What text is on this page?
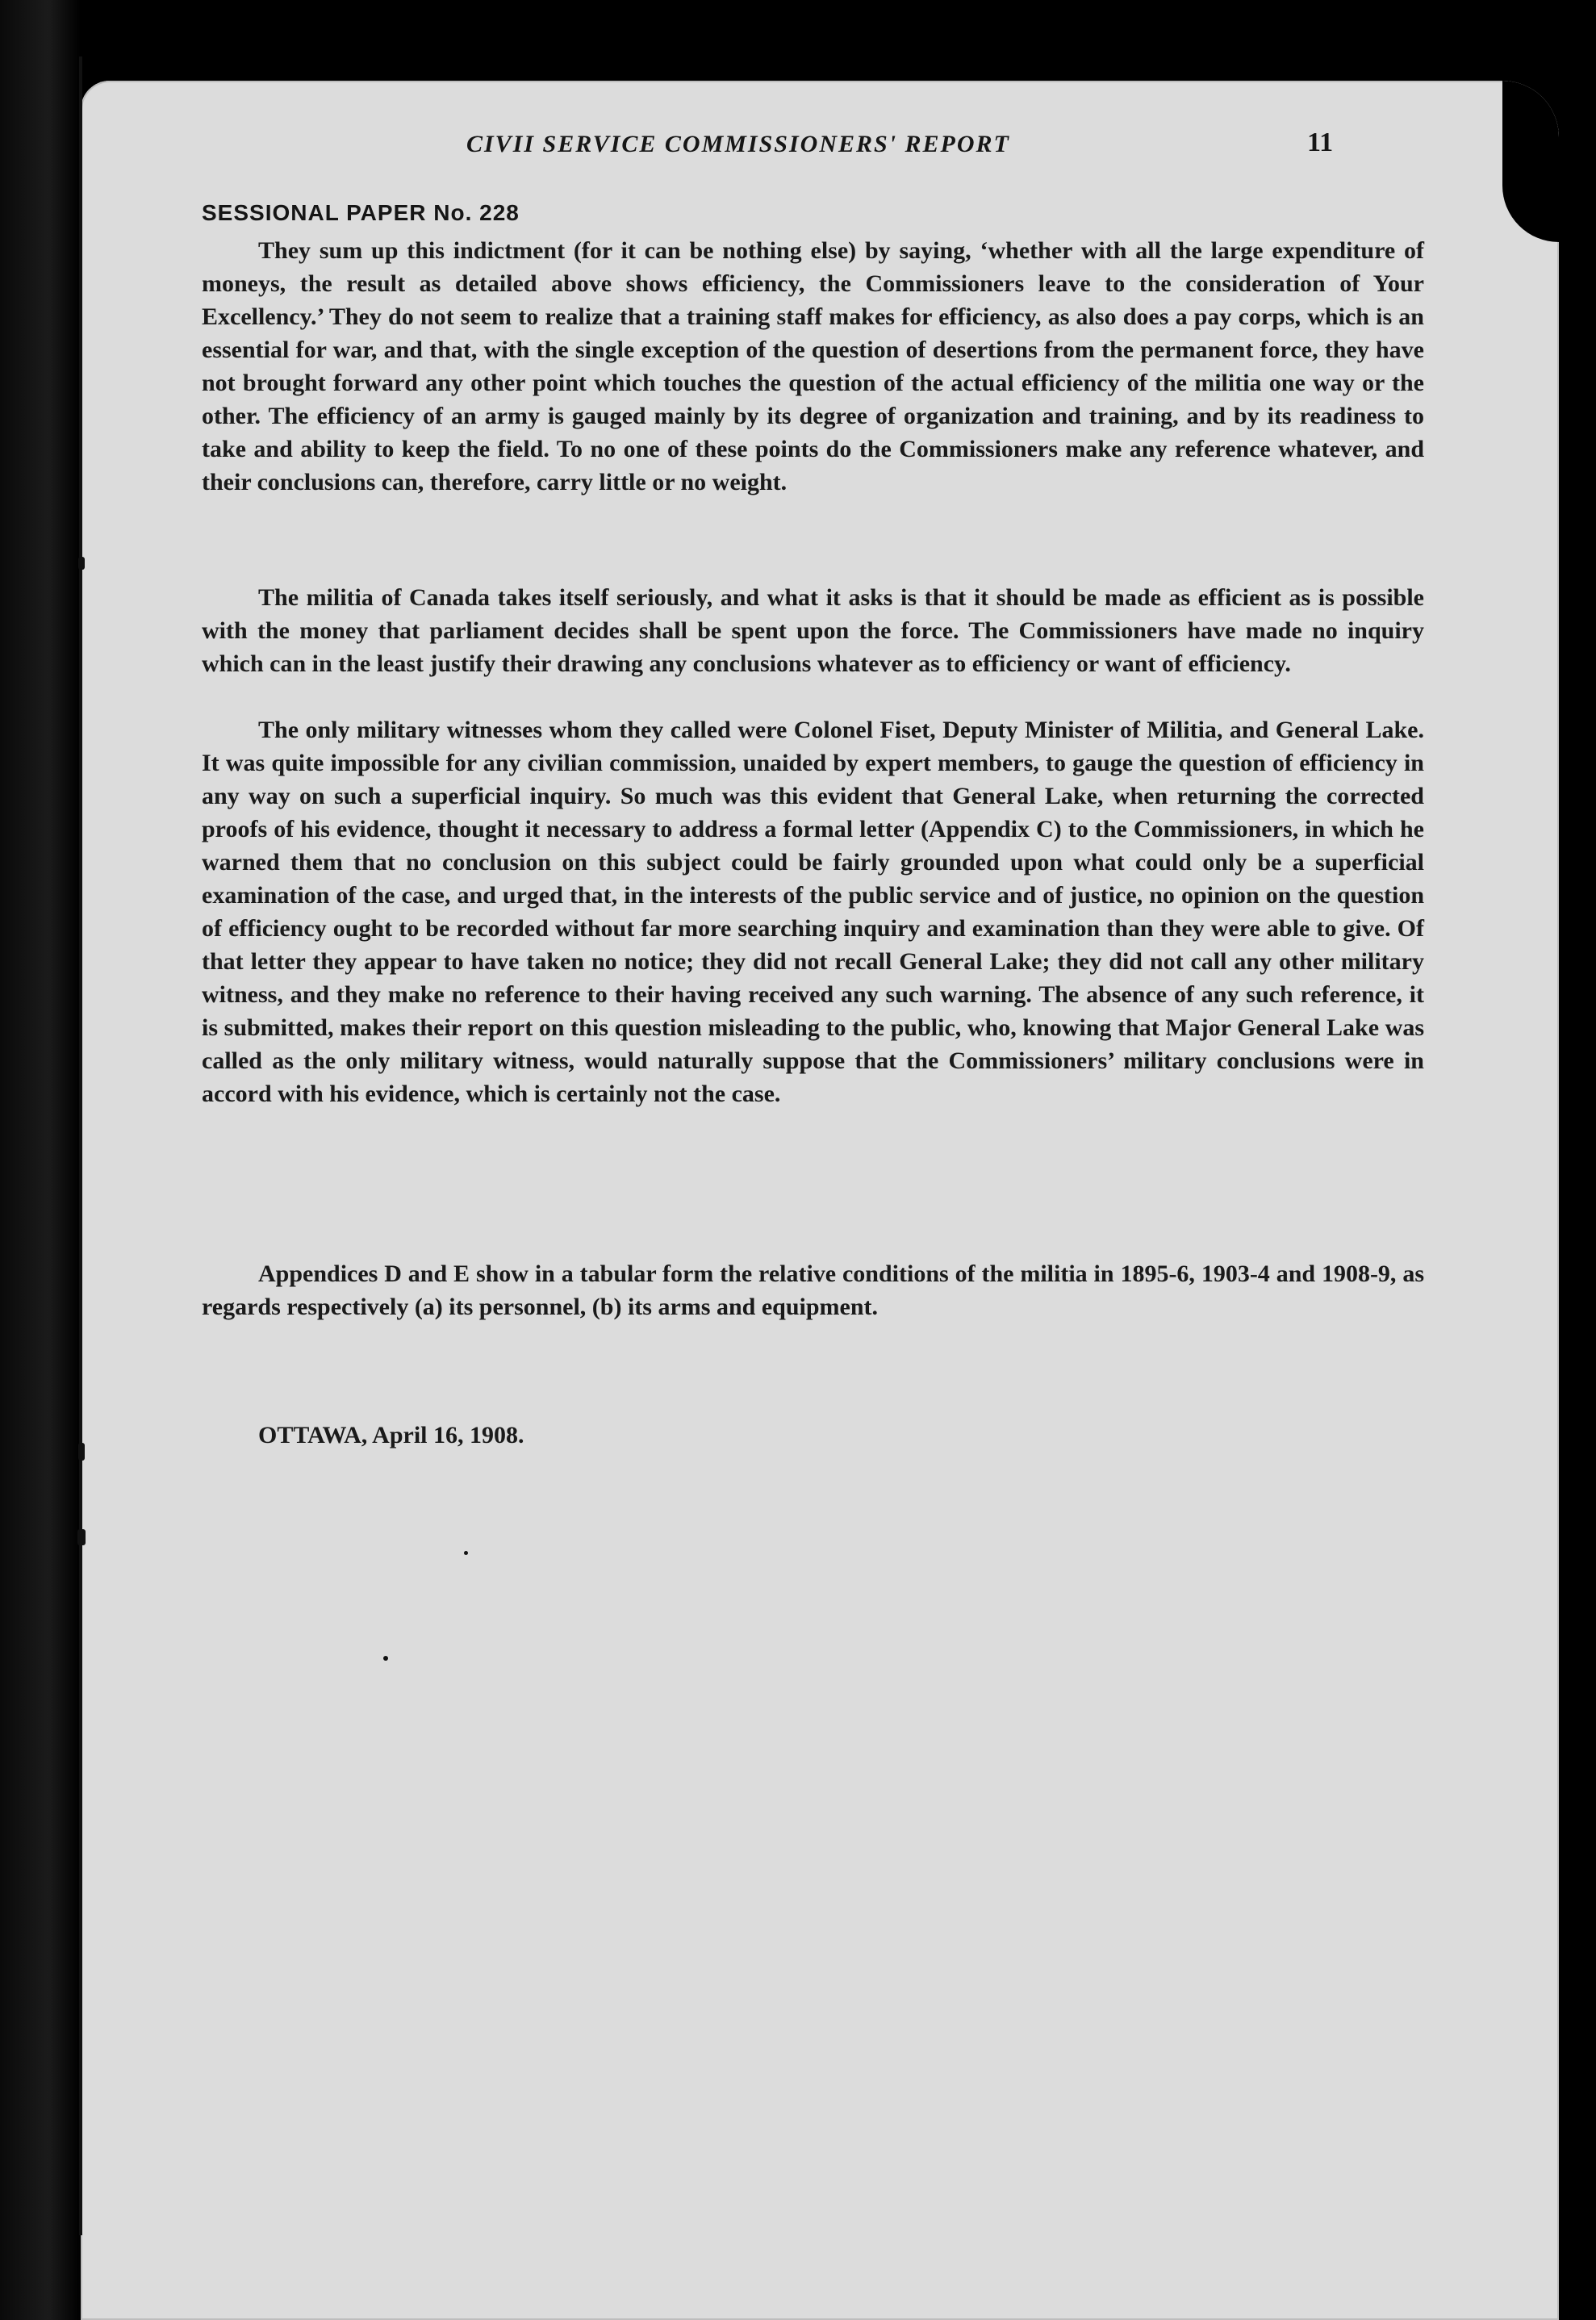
CIVII SERVICE COMMISSIONERS' REPORT	11
SESSIONAL PAPER No. 228

They sum up this indictment (for it can be nothing else) by saying, ‘whether with all the large expenditure of moneys, the result as detailed above shows efficiency, the Commissioners leave to the consideration of Your Excellency.’ They do not seem to realize that a training staff makes for efficiency, as also does a pay corps, which is an essential for war, and that, with the single exception of the question of desertions from the permanent force, they have not brought forward any other point which touches the question of the actual efficiency of the militia one way or the other. The efficiency of an army is gauged mainly by its degree of organization and training, and by its readiness to take and ability to keep the field. To no one of these points do the Commissioners make any reference whatever, and their conclusions can, therefore, carry little or no weight.

The militia of Canada takes itself seriously, and what it asks is that it should be made as efficient as is possible with the money that parliament decides shall be spent upon the force. The Commissioners have made no inquiry which can in the least justify their drawing any conclusions whatever as to efficiency or want of efficiency.

The only military witnesses whom they called were Colonel Fiset, Deputy Minister of Militia, and General Lake. It was quite impossible for any civilian commission, unaided by expert members, to gauge the question of efficiency in any way on such a superficial inquiry. So much was this evident that General Lake, when returning the corrected proofs of his evidence, thought it necessary to address a formal letter (Appendix C) to the Commissioners, in which he warned them that no conclusion on this subject could be fairly grounded upon what could only be a superficial examination of the case, and urged that, in the interests of the public service and of justice, no opinion on the question of efficiency ought to be recorded without far more searching inquiry and examination than they were able to give. Of that letter they appear to have taken no notice; they did not recall General Lake; they did not call any other military witness, and they make no reference to their having received any such warning. The absence of any such reference, it is submitted, makes their report on this question misleading to the public, who, knowing that Major General Lake was called as the only military witness, would naturally suppose that the Commissioners’ military conclusions were in accord with his evidence, which is certainly not the case.

Appendices D and E show in a tabular form the relative conditions of the militia in 1895-6, 1903-4 and 1908-9, as regards respectively (a) its personnel, (b) its arms and equipment.

OTTAWA, April 16, 1908.
